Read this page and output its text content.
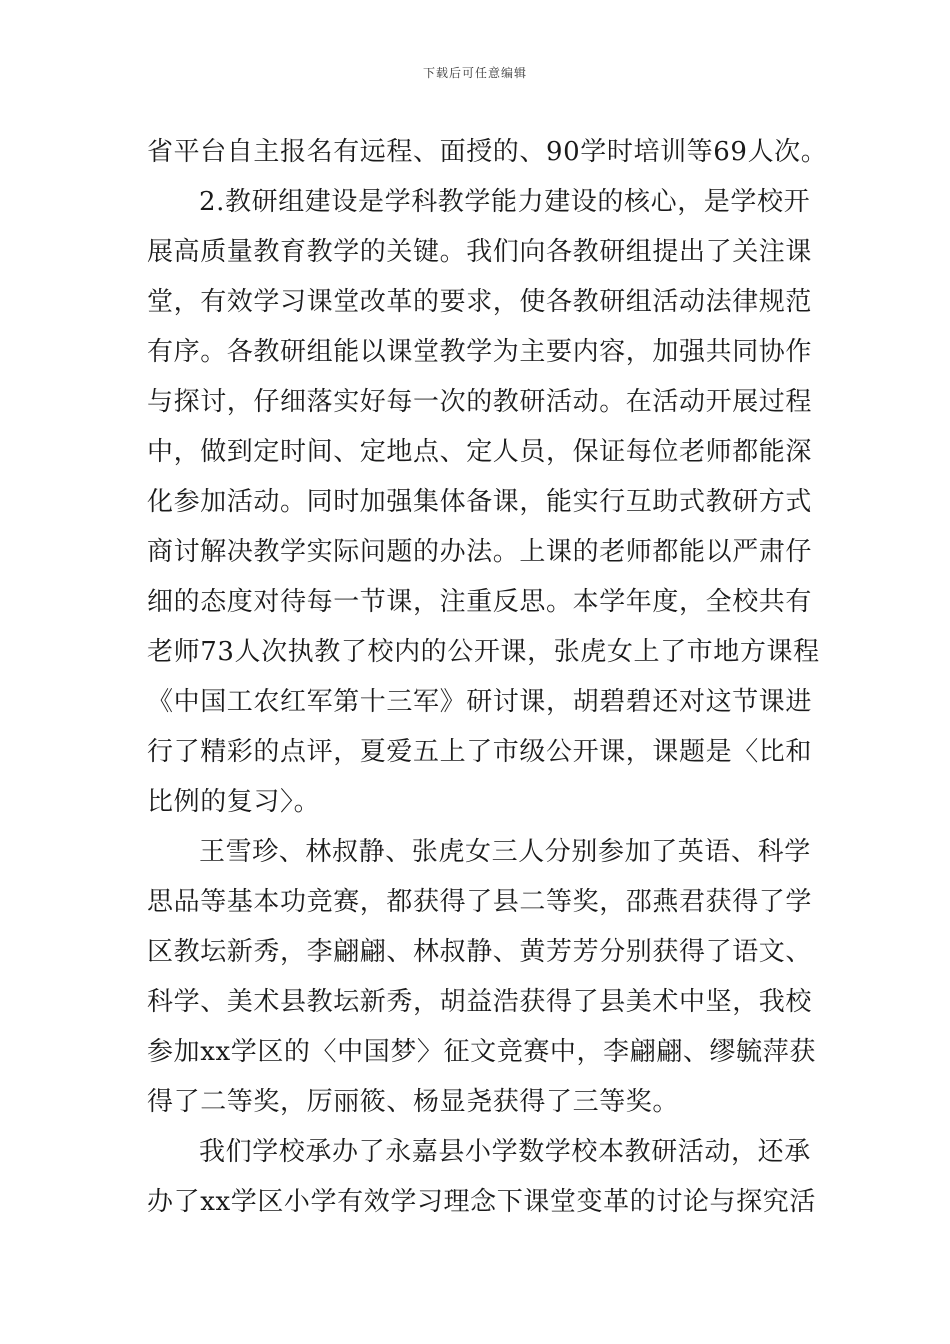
下载后可任意编辑
省平台自主报名有远程、面授的、90学时培训等69人次。
2.教研组建设是学科教学能力建设的核心，是学校开
展高质量教育教学的关键。我们向各教研组提出了关注课
堂，有效学习课堂改革的要求，使各教研组活动法律规范
有序。各教研组能以课堂教学为主要内容，加强共同协作
与探讨，仔细落实好每一次的教研活动。在活动开展过程
中，做到定时间、定地点、定人员，保证每位老师都能深
化参加活动。同时加强集体备课，能实行互助式教研方式
商讨解决教学实际问题的办法。上课的老师都能以严肃仔
细的态度对待每一节课，注重反思。本学年度，全校共有
老师73人次执教了校内的公开课，张虎女上了市地方课程
《中国工农红军第十三军》研讨课，胡碧碧还对这节课进
行了精彩的点评，夏爱五上了市级公开课，课题是〈比和
比例的复习〉。
王雪珍、林叔静、张虎女三人分别参加了英语、科学
思品等基本功竞赛，都获得了县二等奖，邵燕君获得了学
区教坛新秀，李翩翩、林叔静、黄芳芳分别获得了语文、
科学、美术县教坛新秀，胡益浩获得了县美术中坚，我校
参加xx学区的〈中国梦〉征文竞赛中，李翩翩、缪毓萍获
得了二等奖，厉丽筱、杨显尧获得了三等奖。
我们学校承办了永嘉县小学数学校本教研活动，还承
办了xx学区小学有效学习理念下课堂变革的讨论与探究活
